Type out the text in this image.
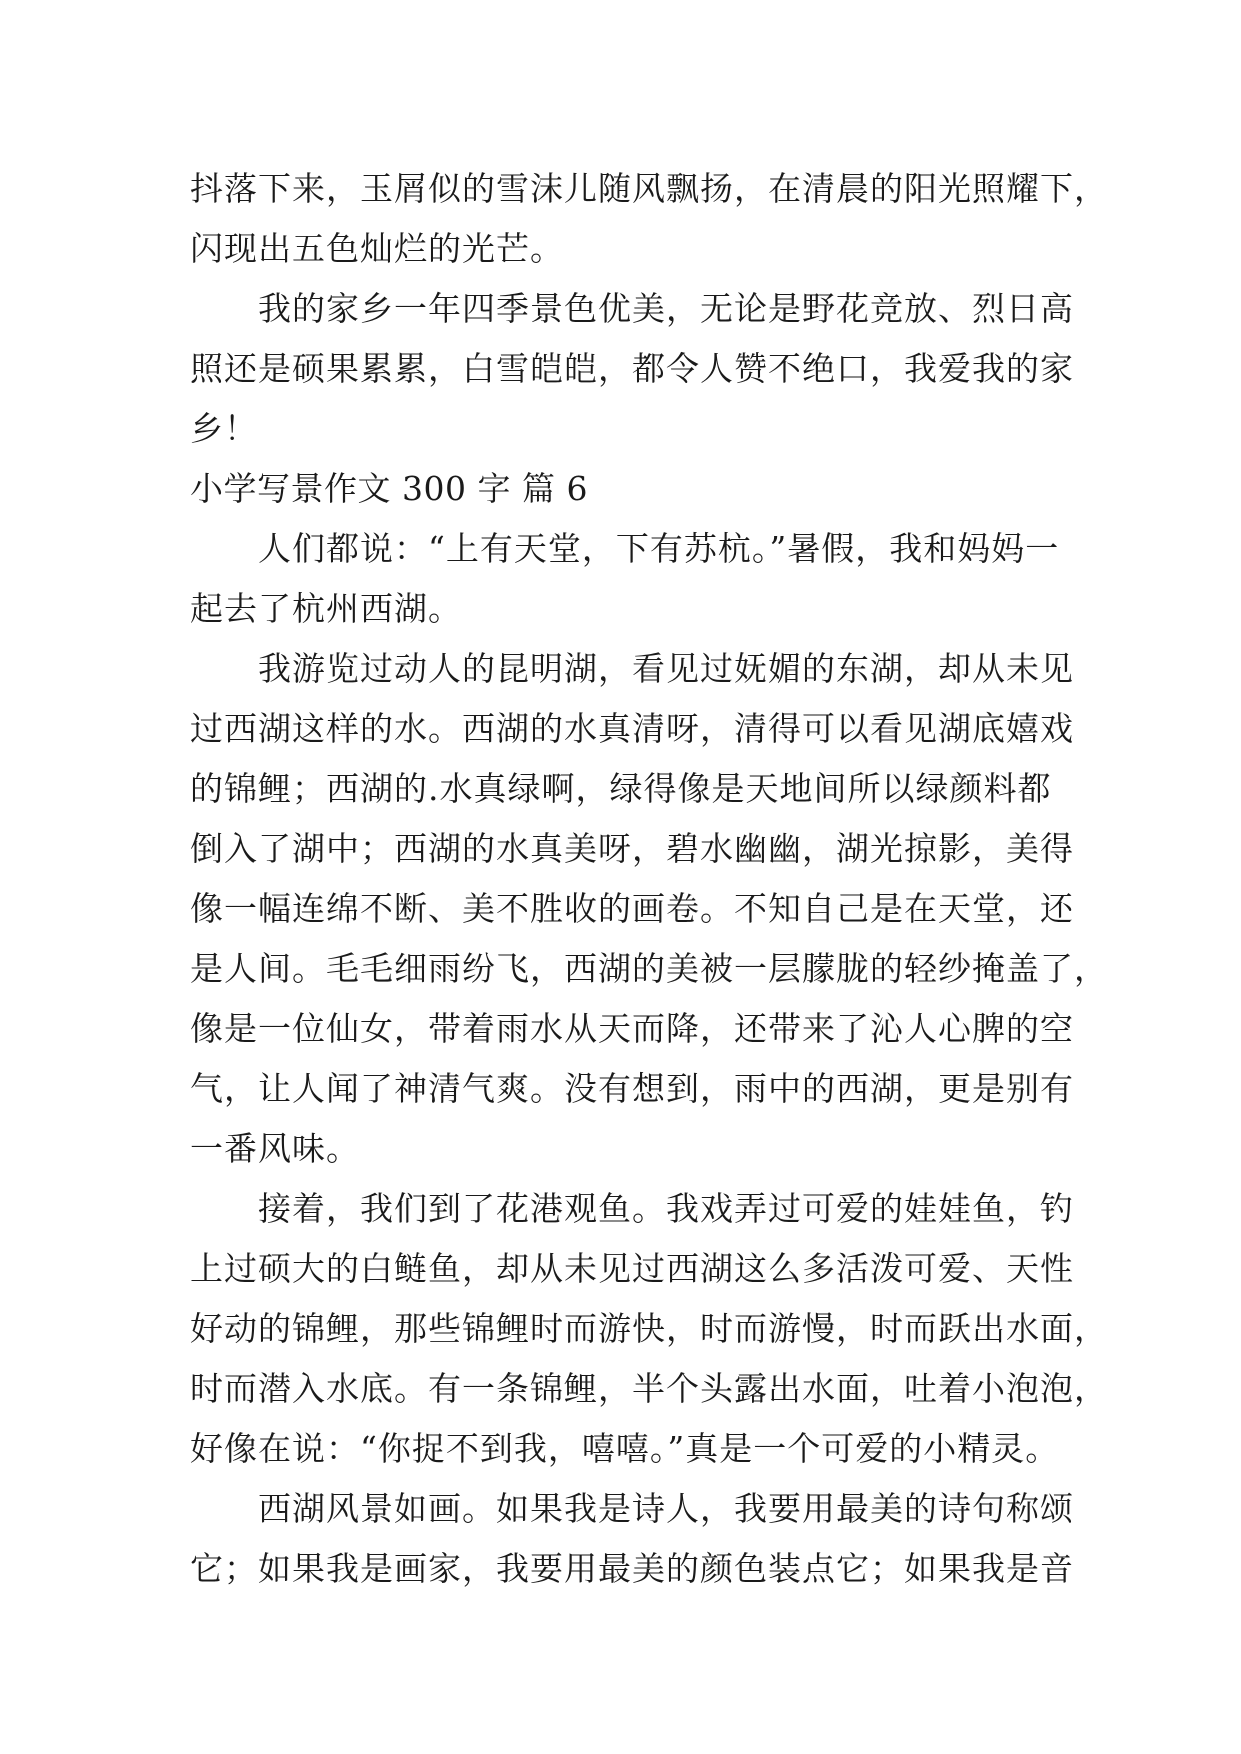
抖落下来，玉屑似的雪沫儿随风飘扬，在清晨的阳光照耀下，
闪现出五色灿烂的光芒。
我的家乡一年四季景色优美，无论是野花竞放、烈日高
照还是硕果累累，白雪皑皑，都令人赞不绝口，我爱我的家
乡！
小学写景作文 300 字 篇 6
人们都说：“上有天堂，下有苏杭。”暑假，我和妈妈一
起去了杭州西湖。
我游览过动人的昆明湖，看见过妩媚的东湖，却从未见
过西湖这样的水。西湖的水真清呀，清得可以看见湖底嬉戏
的锦鲤；西湖的.水真绿啊，绿得像是天地间所以绿颜料都
倒入了湖中；西湖的水真美呀，碧水幽幽，湖光掠影，美得
像一幅连绵不断、美不胜收的画卷。不知自己是在天堂，还
是人间。毛毛细雨纷飞，西湖的美被一层朦胧的轻纱掩盖了，
像是一位仙女，带着雨水从天而降，还带来了沁人心脾的空
气，让人闻了神清气爽。没有想到，雨中的西湖，更是别有
一番风味。
接着，我们到了花港观鱼。我戏弄过可爱的娃娃鱼，钓
上过硕大的白鲢鱼，却从未见过西湖这么多活泼可爱、天性
好动的锦鲤，那些锦鲤时而游快，时而游慢，时而跃出水面，
时而潜入水底。有一条锦鲤，半个头露出水面，吐着小泡泡，
好像在说：“你捉不到我，嘻嘻。”真是一个可爱的小精灵。
西湖风景如画。如果我是诗人，我要用最美的诗句称颂
它；如果我是画家，我要用最美的颜色装点它；如果我是音
